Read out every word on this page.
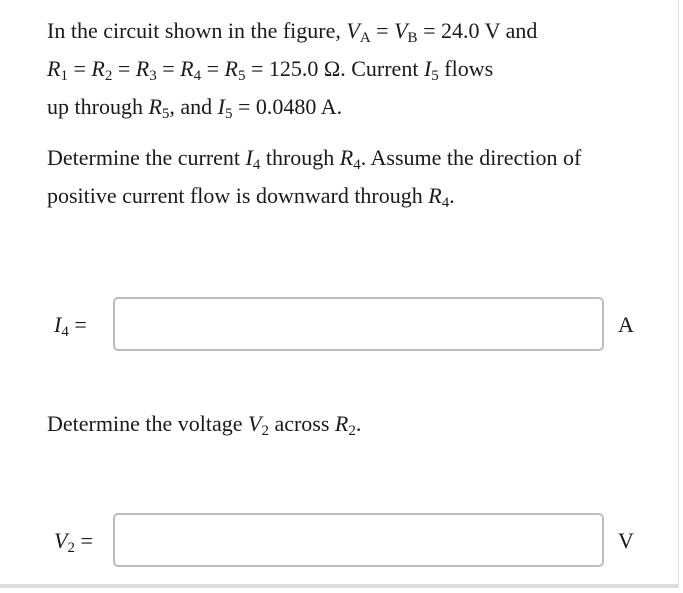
In the circuit shown in the figure, $V_A = V_B = 24.0$ V and
$R_1 = R_2 = R_3 = R_4 = R_5 = 125.0$ Ω. Current $I_5$ flows
up through $R_5$, and $I_5 = 0.0480$ A.

Determine the current $I_4$ through $R_4$. Assume the direction of positive current flow is downward through $R_4$.

$I_4$ =	A

Determine the voltage $V_2$ across $R_2$.

$V_2$ =	V
